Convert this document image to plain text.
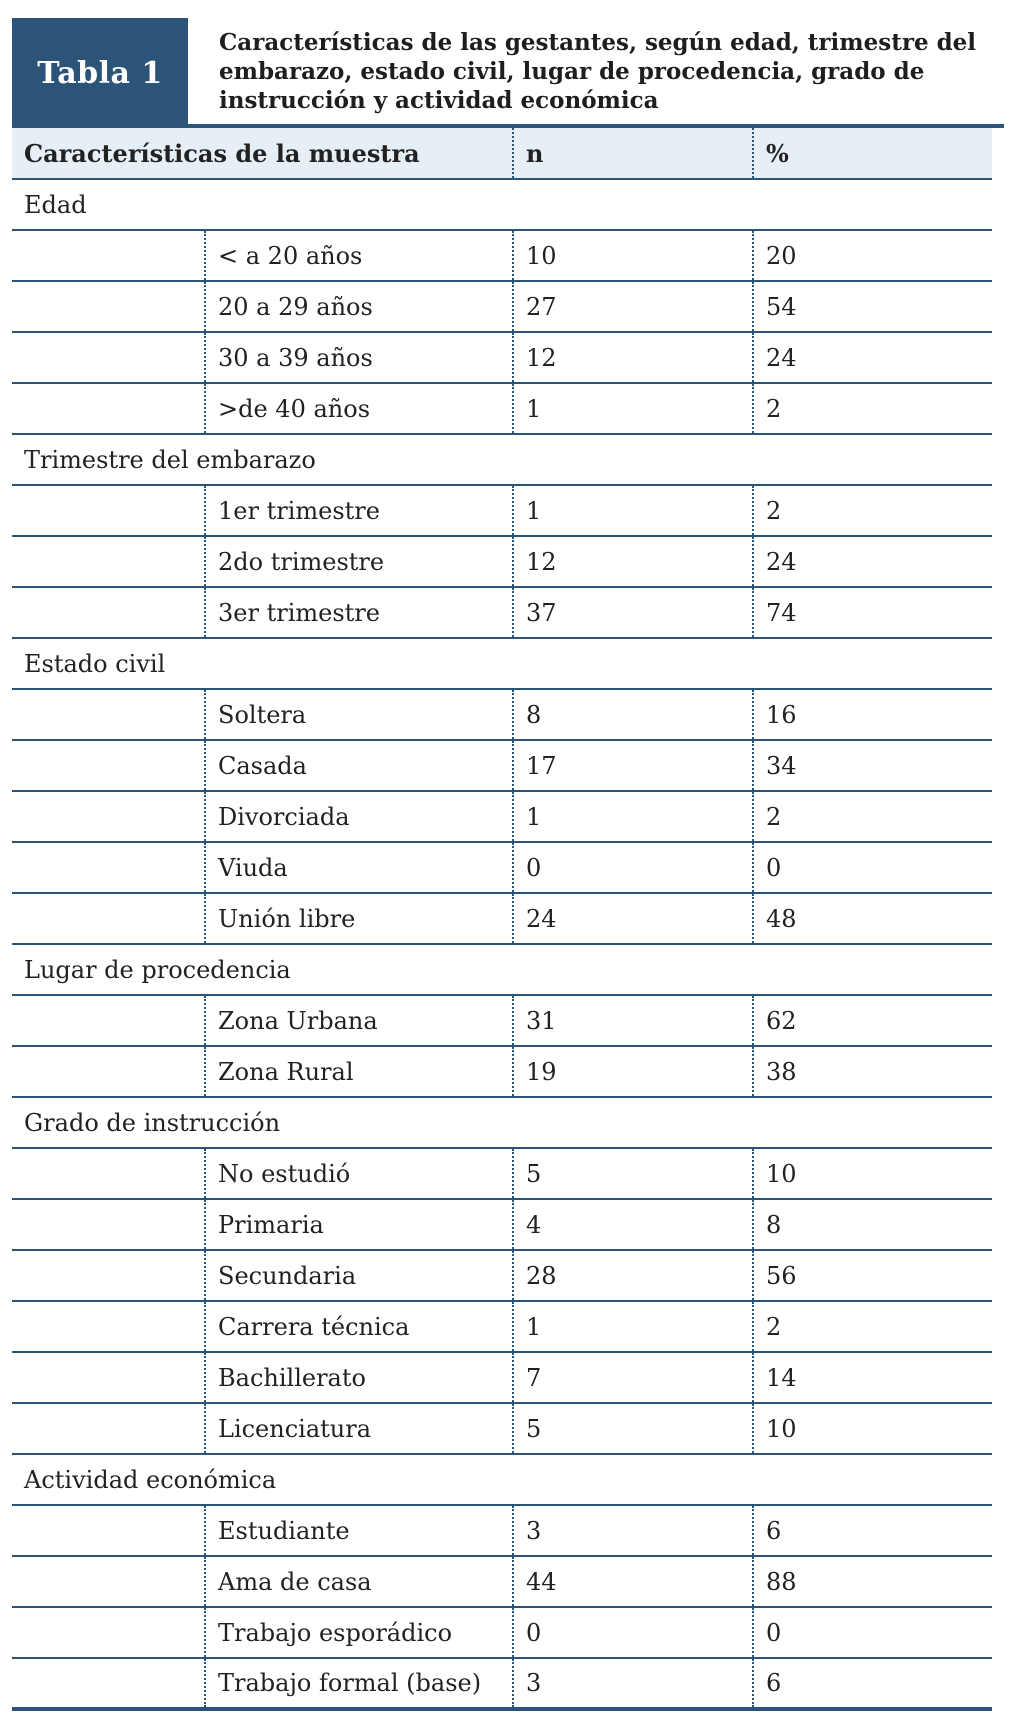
Tabla 1
Características de las gestantes, según edad, trimestre del embarazo, estado civil, lugar de procedencia, grado de instrucción y actividad económica
Características de la muestra		n	%
Edad			
	< a 20 años	10	20
	20 a 29 años	27	54
	30 a 39 años	12	24
	>de 40 años	1	2
Trimestre del embarazo			
	1er trimestre	1	2
	2do trimestre	12	24
	3er trimestre	37	74
Estado civil			
	Soltera	8	16
	Casada	17	34
	Divorciada	1	2
	Viuda	0	0
	Unión libre	24	48
Lugar de procedencia			
	Zona Urbana	31	62
	Zona Rural	19	38
Grado de instrucción			
	No estudió	5	10
	Primaria	4	8
	Secundaria	28	56
	Carrera técnica	1	2
	Bachillerato	7	14
	Licenciatura	5	10
Actividad económica			
	Estudiante	3	6
	Ama de casa	44	88
	Trabajo esporádico	0	0
	Trabajo formal (base)	3	6
